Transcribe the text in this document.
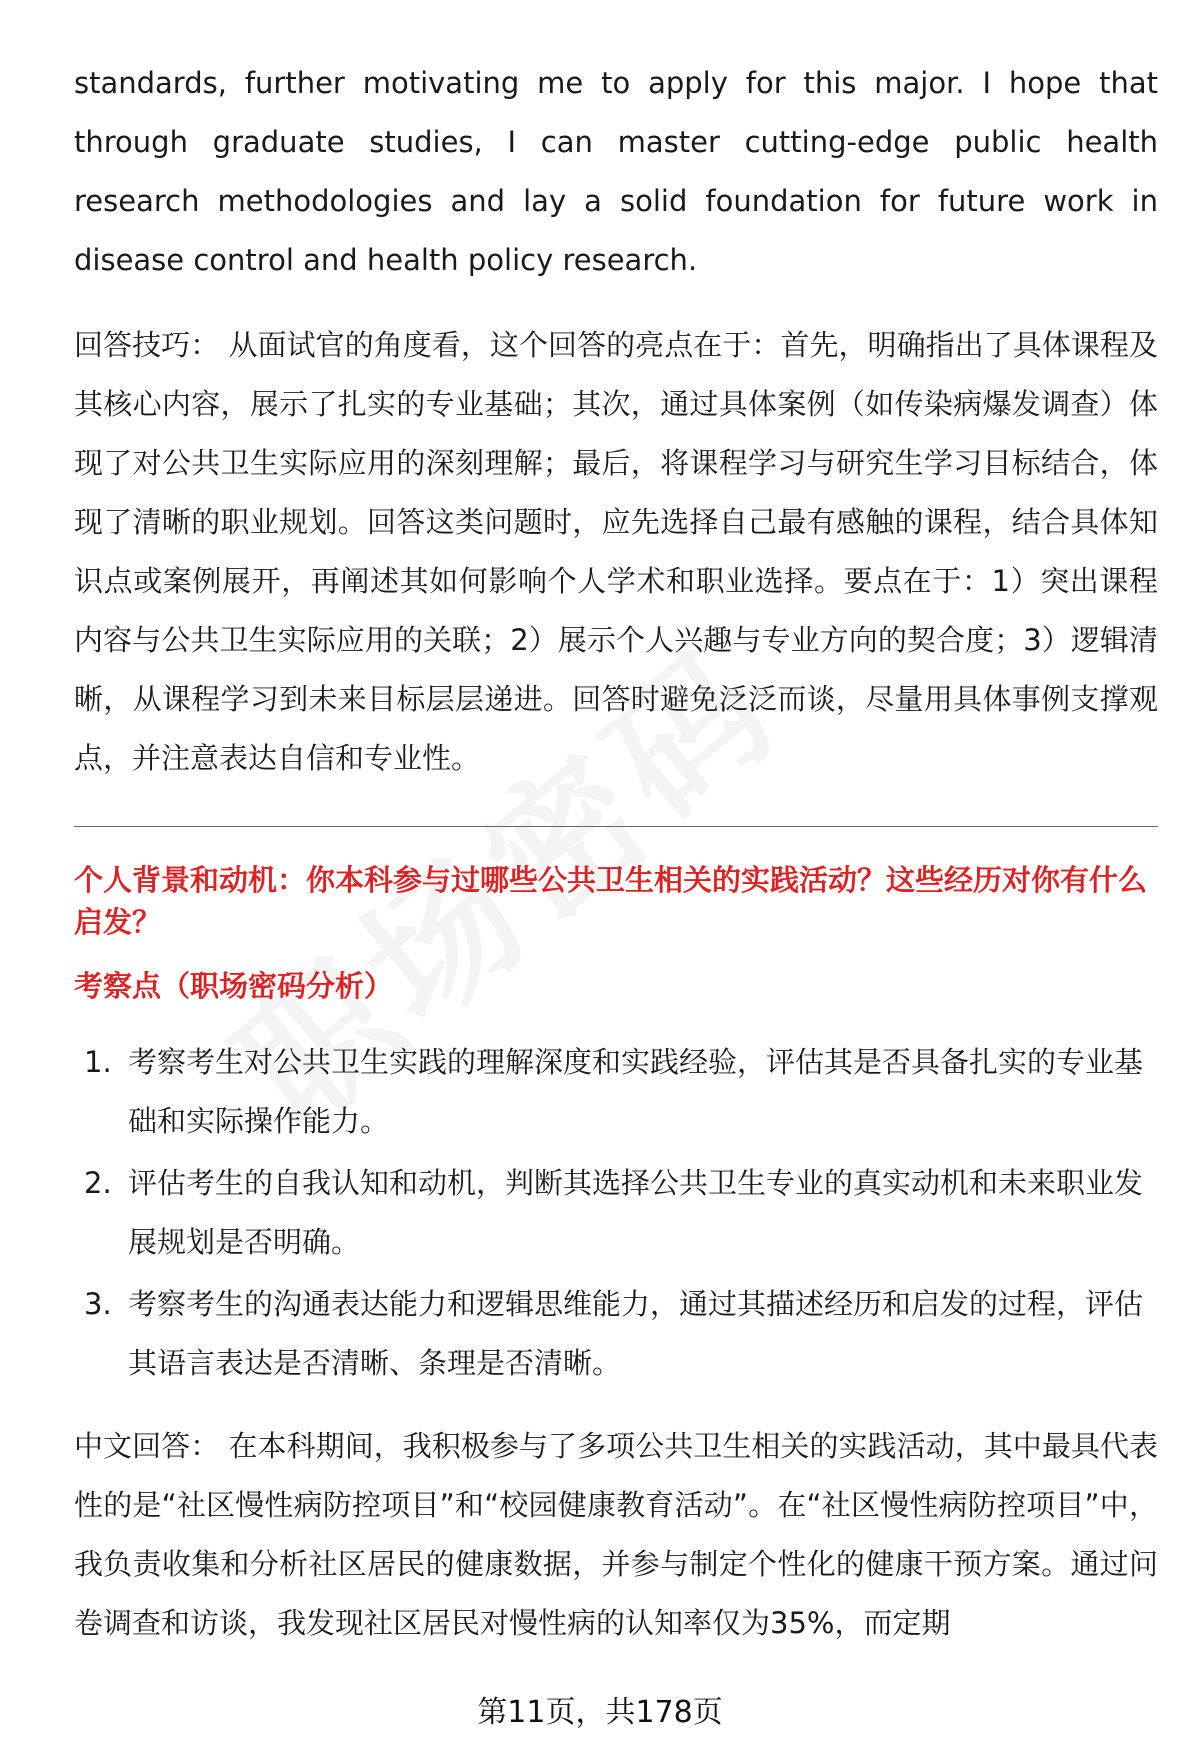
standards, further motivating me to apply for this major. I hope that through graduate studies, I can master cutting-edge public health research methodologies and lay a solid foundation for future work in disease control and health policy research.

回答技巧： 从面试官的角度看，这个回答的亮点在于：首先，明确指出了具体课程及其核心内容，展示了扎实的专业基础；其次，通过具体案例（如传染病爆发调查）体现了对公共卫生实际应用的深刻理解；最后，将课程学习与研究生学习目标结合，体现了清晰的职业规划。回答这类问题时，应先选择自己最有感触的课程，结合具体知识点或案例展开，再阐述其如何影响个人学术和职业选择。要点在于：1）突出课程内容与公共卫生实际应用的关联；2）展示个人兴趣与专业方向的契合度；3）逻辑清晰，从课程学习到未来目标层层递进。回答时避免泛泛而谈，尽量用具体事例支撑观点，并注意表达自信和专业性。

个人背景和动机：你本科参与过哪些公共卫生相关的实践活动？这些经历对你有什么启发？

考察点（职场密码分析）

1. 考察考生对公共卫生实践的理解深度和实践经验，评估其是否具备扎实的专业基础和实际操作能力。
2. 评估考生的自我认知和动机，判断其选择公共卫生专业的真实动机和未来职业发展规划是否明确。
3. 考察考生的沟通表达能力和逻辑思维能力，通过其描述经历和启发的过程，评估其语言表达是否清晰、条理是否清晰。

中文回答： 在本科期间，我积极参与了多项公共卫生相关的实践活动，其中最具代表性的是“社区慢性病防控项目”和“校园健康教育活动”。在“社区慢性病防控项目”中，我负责收集和分析社区居民的健康数据，并参与制定个性化的健康干预方案。通过问卷调查和访谈，我发现社区居民对慢性病的认知率仅为35%，而定期

第11页，共178页
